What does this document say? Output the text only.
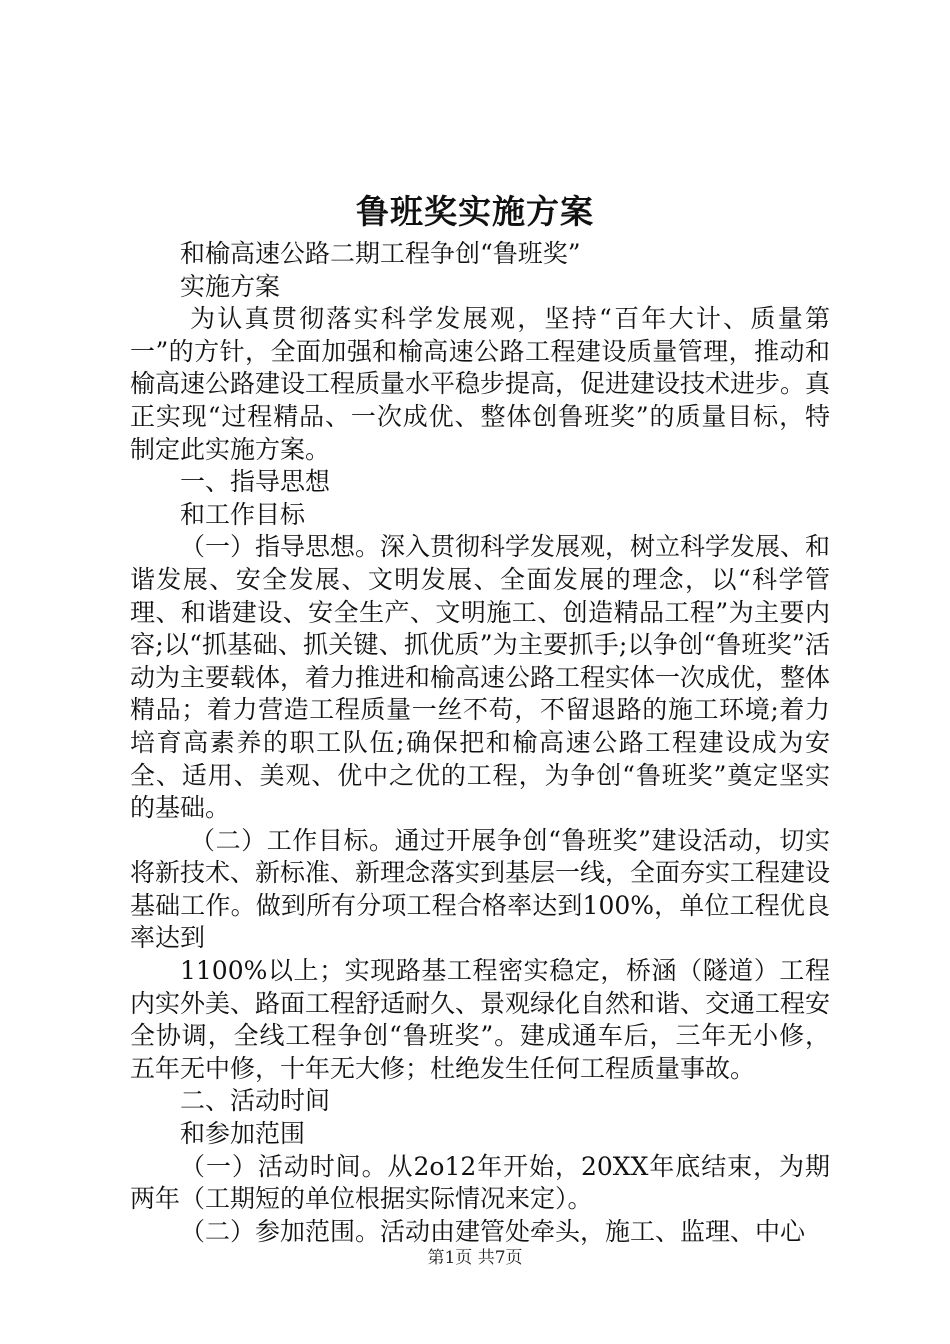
鲁班奖实施方案

和榆高速公路二期工程争创“鲁班奖”

实施方案

为认真贯彻落实科学发展观，坚持“百年大计、质量第一”的方针，全面加强和榆高速公路工程建设质量管理，推动和榆高速公路建设工程质量水平稳步提高，促进建设技术进步。真正实现“过程精品、一次成优、整体创鲁班奖”的质量目标，特制定此实施方案。

一、指导思想

和工作目标

（一）指导思想。深入贯彻科学发展观，树立科学发展、和谐发展、安全发展、文明发展、全面发展的理念，以“科学管理、和谐建设、安全生产、文明施工、创造精品工程”为主要内容;以“抓基础、抓关键、抓优质”为主要抓手;以争创“鲁班奖”活动为主要载体，着力推进和榆高速公路工程实体一次成优，整体精品；着力营造工程质量一丝不苟，不留退路的施工环境;着力培育高素养的职工队伍;确保把和榆高速公路工程建设成为安全、适用、美观、优中之优的工程，为争创“鲁班奖”奠定坚实的基础。

（二）工作目标。通过开展争创“鲁班奖”建设活动，切实将新技术、新标准、新理念落实到基层一线，全面夯实工程建设基础工作。做到所有分项工程合格率达到100%，单位工程优良率达到

1100%以上；实现路基工程密实稳定，桥涵（隧道）工程内实外美、路面工程舒适耐久、景观绿化自然和谐、交通工程安全协调，全线工程争创“鲁班奖”。建成通车后，三年无小修，五年无中修，十年无大修；杜绝发生任何工程质量事故。

二、活动时间

和参加范围

（一）活动时间。从2o12年开始，20XX年底结束，为期两年（工期短的单位根据实际情况来定）。

（二）参加范围。活动由建管处牵头，施工、监理、中心

第1页 共7页
